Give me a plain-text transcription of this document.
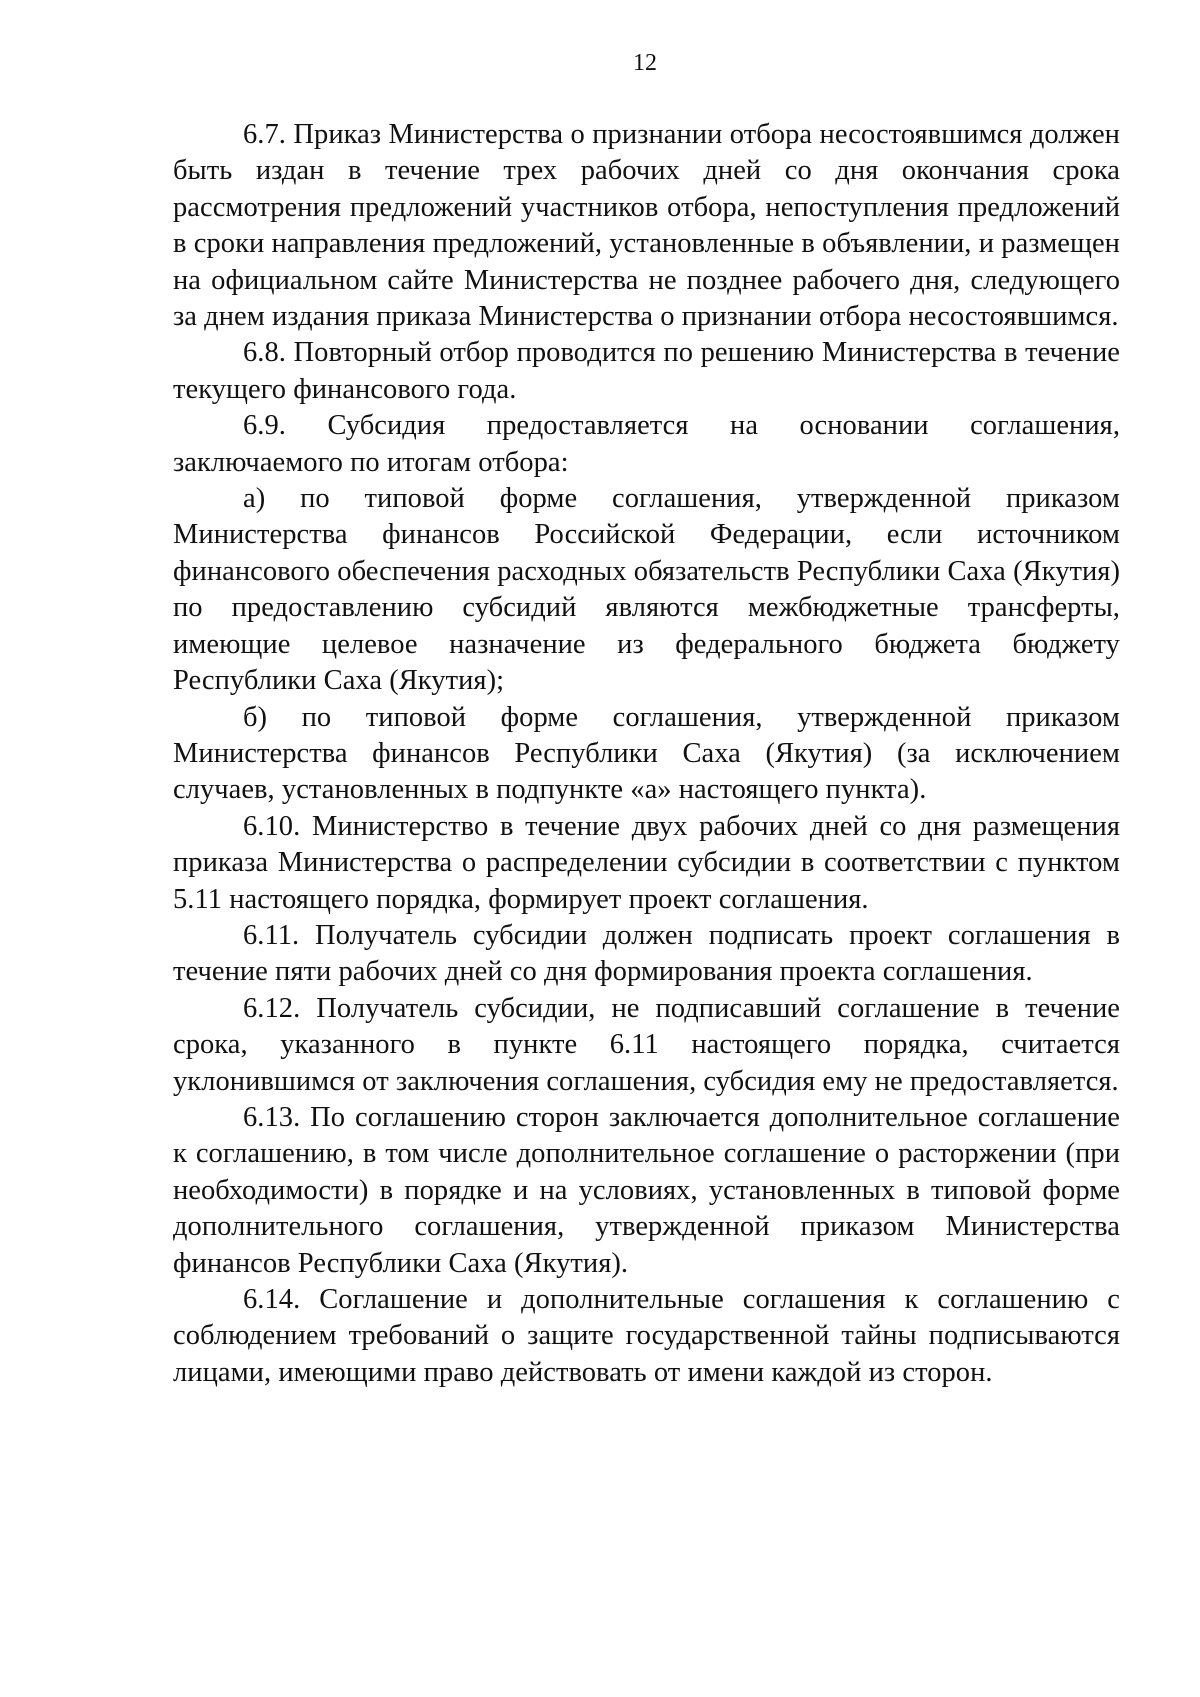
12

6.7. Приказ Министерства о признании отбора несостоявшимся должен быть издан в течение трех рабочих дней со дня окончания срока рассмотрения предложений участников отбора, непоступления предложений в сроки направления предложений, установленные в объявлении, и размещен на официальном сайте Министерства не позднее рабочего дня, следующего за днем издания приказа Министерства о признании отбора несостоявшимся.

6.8. Повторный отбор проводится по решению Министерства в течение текущего финансового года.

6.9. Субсидия предоставляется на основании соглашения, заключаемого по итогам отбора:

а) по типовой форме соглашения, утвержденной приказом Министерства финансов Российской Федерации, если источником финансового обеспечения расходных обязательств Республики Саха (Якутия) по предоставлению субсидий являются межбюджетные трансферты, имеющие целевое назначение из федерального бюджета бюджету Республики Саха (Якутия);

б) по типовой форме соглашения, утвержденной приказом Министерства финансов Республики Саха (Якутия) (за исключением случаев, установленных в подпункте «а» настоящего пункта).

6.10. Министерство в течение двух рабочих дней со дня размещения приказа Министерства о распределении субсидии в соответствии с пунктом 5.11 настоящего порядка, формирует проект соглашения.

6.11. Получатель субсидии должен подписать проект соглашения в течение пяти рабочих дней со дня формирования проекта соглашения.

6.12. Получатель субсидии, не подписавший соглашение в течение срока, указанного в пункте 6.11 настоящего порядка, считается уклонившимся от заключения соглашения, субсидия ему не предоставляется.

6.13. По соглашению сторон заключается дополнительное соглашение к соглашению, в том числе дополнительное соглашение о расторжении (при необходимости) в порядке и на условиях, установленных в типовой форме дополнительного соглашения, утвержденной приказом Министерства финансов Республики Саха (Якутия).

6.14. Соглашение и дополнительные соглашения к соглашению с соблюдением требований о защите государственной тайны подписываются лицами, имеющими право действовать от имени каждой из сторон.
